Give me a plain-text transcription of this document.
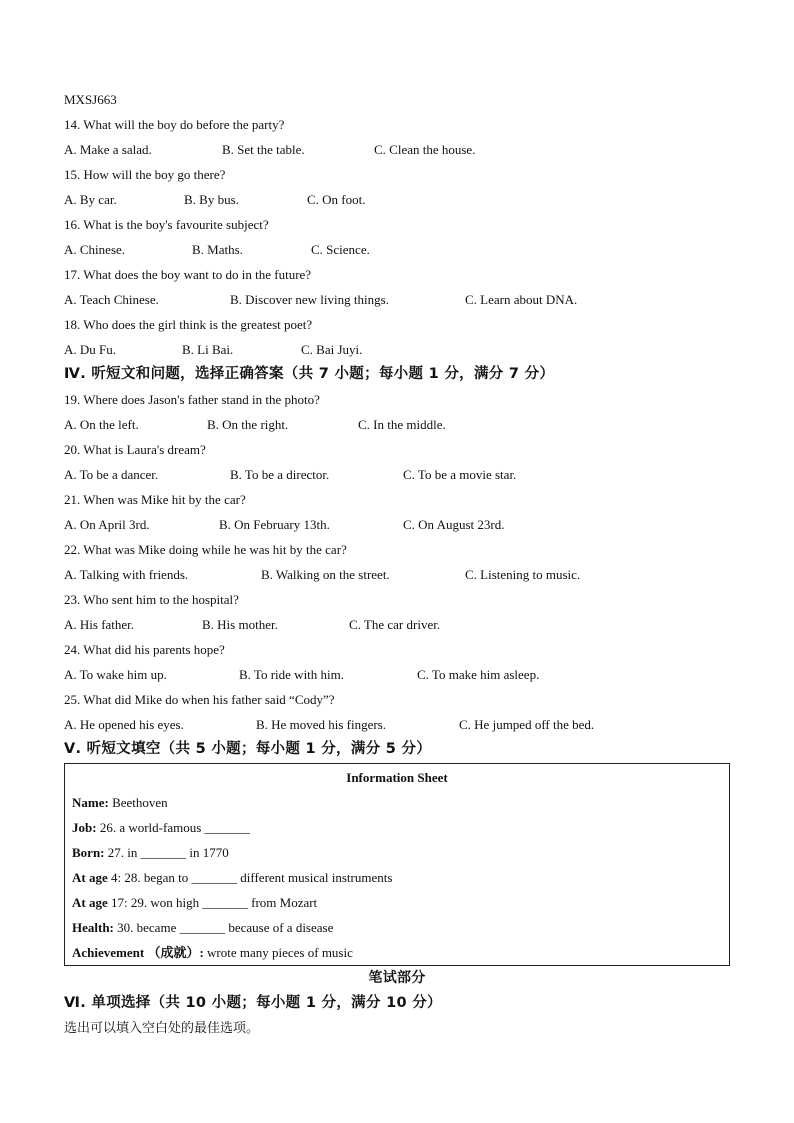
MXSJ663
14. What will the boy do before the party?
A. Make a salad.	B. Set the table.	C. Clean the house.
15. How will the boy go there?
A. By car.	B. By bus.	C. On foot.
16. What is the boy's favourite subject?
A. Chinese.	B. Maths.	C. Science.
17. What does the boy want to do in the future?
A. Teach Chinese.	B. Discover new living things.	C. Learn about DNA.
18. Who does the girl think is the greatest poet?
A. Du Fu.	B. Li Bai.	C. Bai Juyi.
Ⅳ. 听短文和问题，选择正确答案（共 7 小题；每小题 1 分，满分 7 分）
19. Where does Jason's father stand in the photo?
A. On the left.	B. On the right.	C. In the middle.
20. What is Laura's dream?
A. To be a dancer.	B. To be a director.	C. To be a movie star.
21. When was Mike hit by the car?
A. On April 3rd.	B. On February 13th.	C. On August 23rd.
22. What was Mike doing while he was hit by the car?
A. Talking with friends.	B. Walking on the street.	C. Listening to music.
23. Who sent him to the hospital?
A. His father.	B. His mother.	C. The car driver.
24. What did his parents hope?
A. To wake him up.	B. To ride with him.	C. To make him asleep.
25. What did Mike do when his father said “Cody”?
A. He opened his eyes.	B. He moved his fingers.	C. He jumped off the bed.
Ⅴ. 听短文填空（共 5 小题；每小题 1 分，满分 5 分）
Information Sheet
Name: Beethoven
Job: 26. a world-famous _______
Born: 27. in _______ in 1770
At age 4: 28. began to _______ different musical instruments
At age 17: 29. won high _______ from Mozart
Health: 30. became _______ because of a disease
Achievement （成就）: wrote many pieces of music
笔试部分
Ⅵ. 单项选择（共 10 小题；每小题 1 分，满分 10 分）
选出可以填入空白处的最佳选项。
